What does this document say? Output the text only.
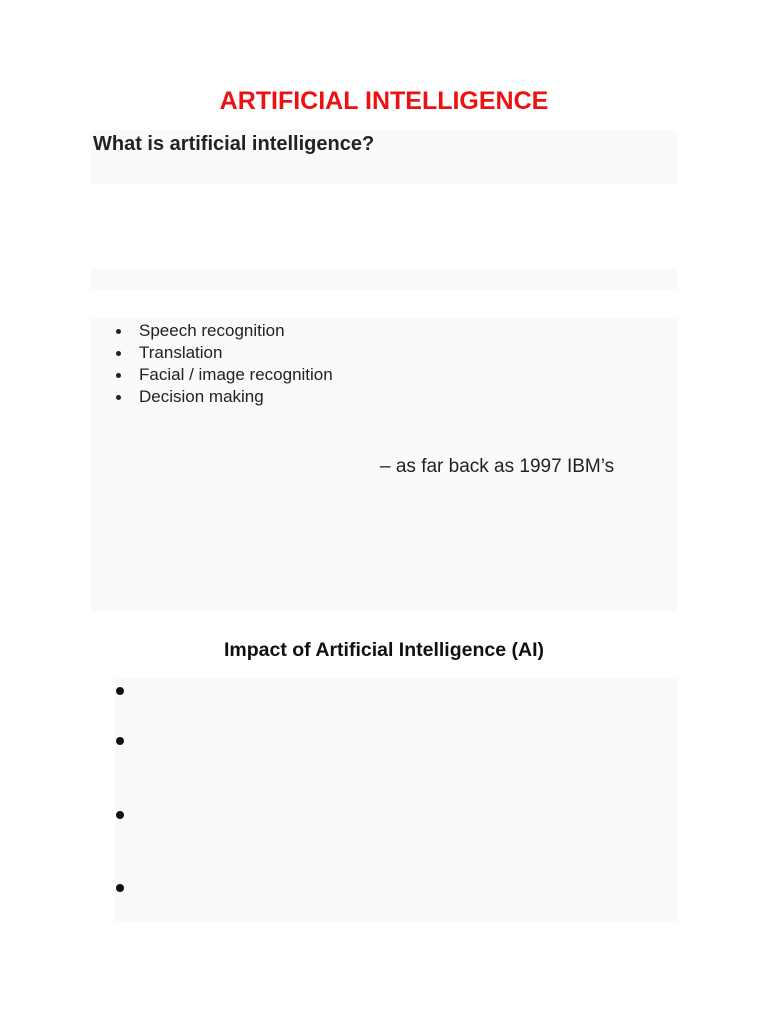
ARTIFICIAL INTELLIGENCE
What is artificial intelligence?
Speech recognition
Translation
Facial / image recognition
Decision making
– as far back as 1997 IBM’s
Impact of Artificial Intelligence (AI)
